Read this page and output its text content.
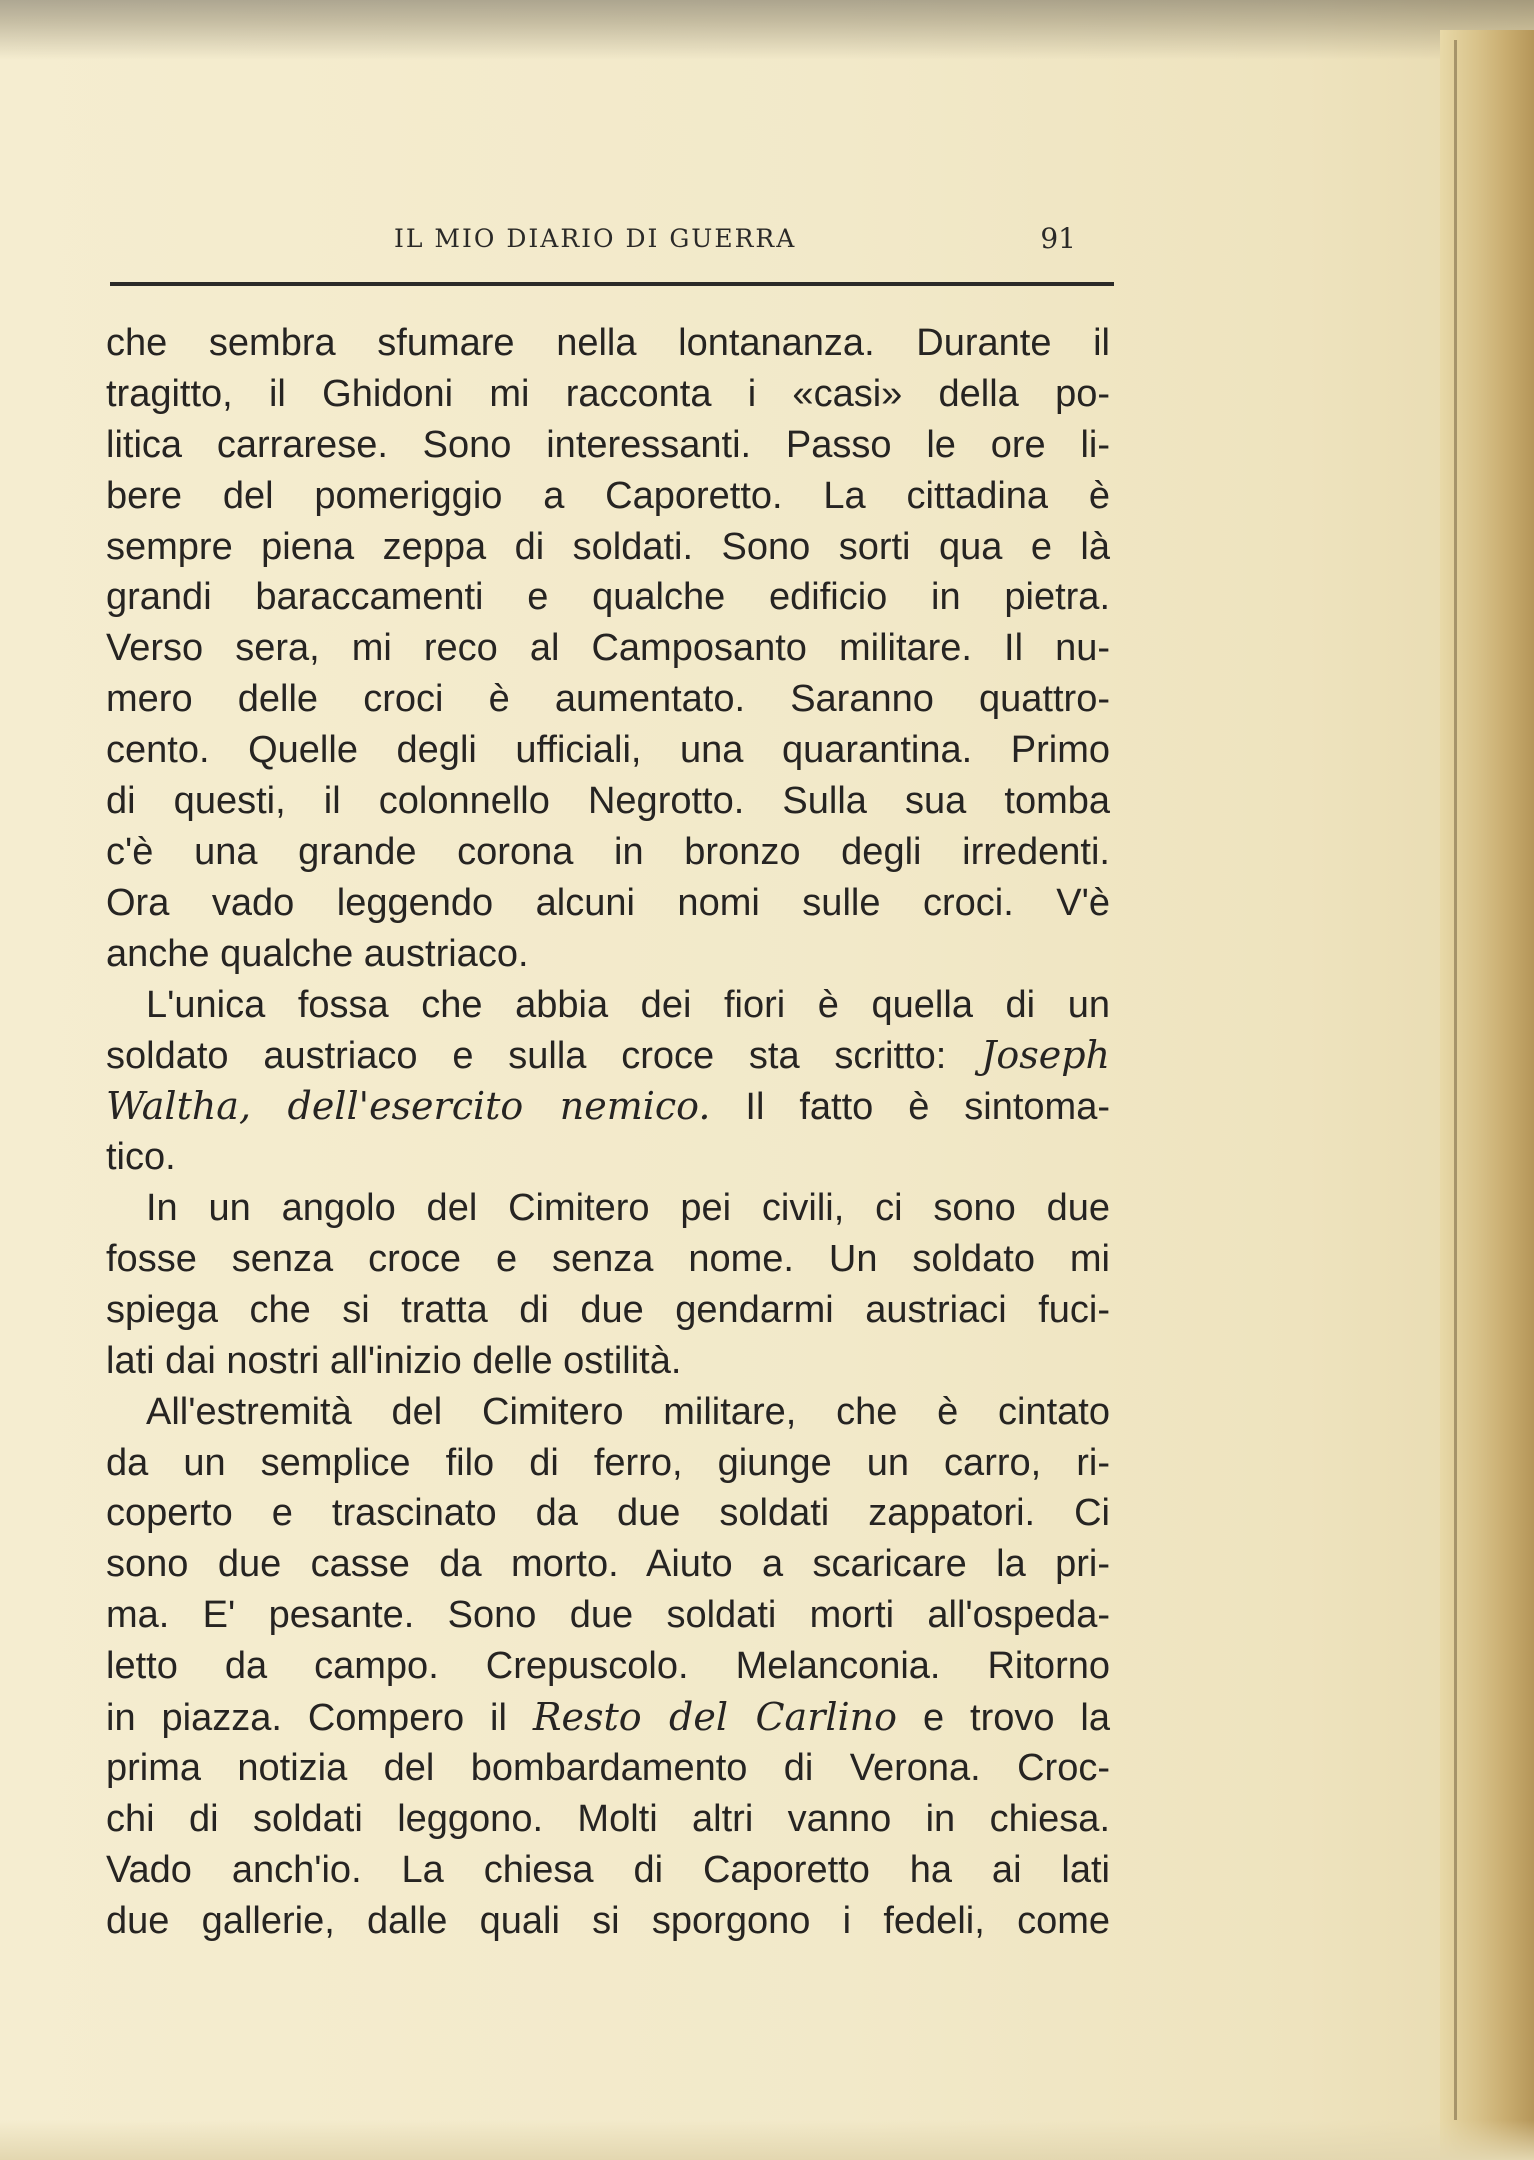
IL MIO DIARIO DI GUERRA	91
che sembra sfumare nella lontananza. Durante il
tragitto, il Ghidoni mi racconta i «casi» della po-
litica carrarese. Sono interessanti. Passo le ore li-
bere del pomeriggio a Caporetto. La cittadina è
sempre piena zeppa di soldati. Sono sorti qua e là
grandi baraccamenti e qualche edificio in pietra.
Verso sera, mi reco al Camposanto militare. Il nu-
mero delle croci è aumentato. Saranno quattro-
cento. Quelle degli ufficiali, una quarantina. Primo
di questi, il colonnello Negrotto. Sulla sua tomba
c'è una grande corona in bronzo degli irredenti.
Ora vado leggendo alcuni nomi sulle croci. V'è
anche qualche austriaco.
L'unica fossa che abbia dei fiori è quella di un
soldato austriaco e sulla croce sta scritto: Joseph
Waltha, dell'esercito nemico. Il fatto è sintoma-
tico.
In un angolo del Cimitero pei civili, ci sono due
fosse senza croce e senza nome. Un soldato mi
spiega che si tratta di due gendarmi austriaci fuci-
lati dai nostri all'inizio delle ostilità.
All'estremità del Cimitero militare, che è cintato
da un semplice filo di ferro, giunge un carro, ri-
coperto e trascinato da due soldati zappatori. Ci
sono due casse da morto. Aiuto a scaricare la pri-
ma. E' pesante. Sono due soldati morti all'ospeda-
letto da campo. Crepuscolo. Melanconia. Ritorno
in piazza. Compero il Resto del Carlino e trovo la
prima notizia del bombardamento di Verona. Croc-
chi di soldati leggono. Molti altri vanno in chiesa.
Vado anch'io. La chiesa di Caporetto ha ai lati
due gallerie, dalle quali si sporgono i fedeli, come
